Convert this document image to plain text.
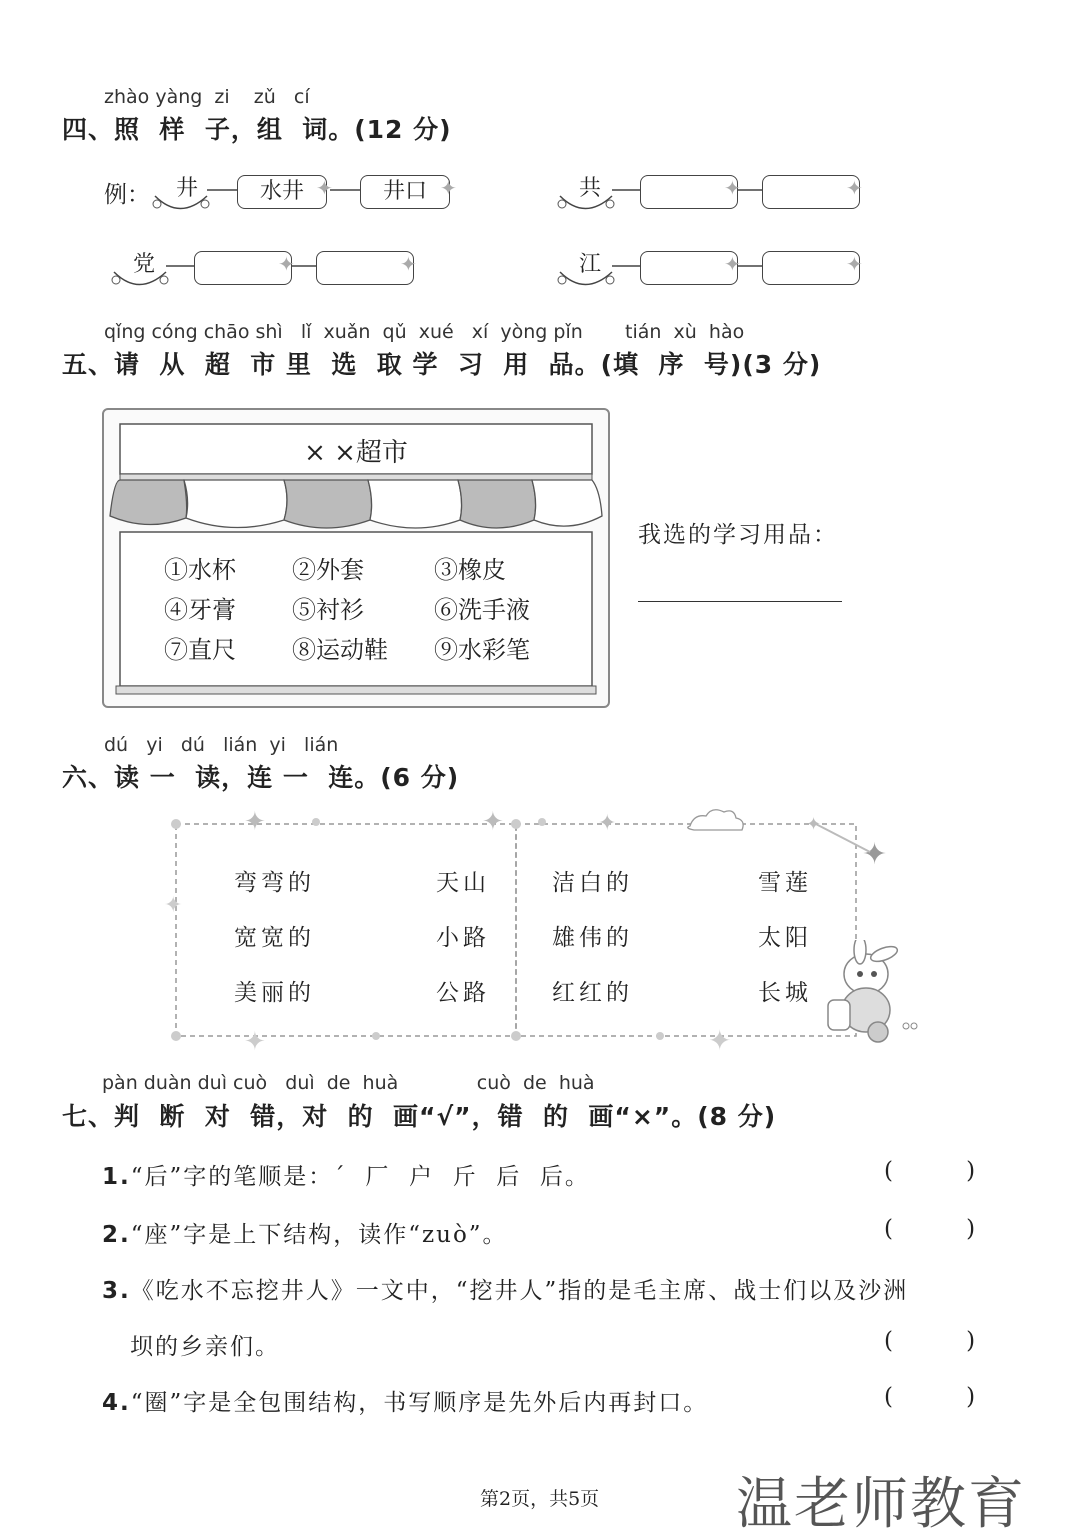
zhào yàng  zi    zǔ   cí
四、照  样  子，组  词。(12 分)
例：	井	水井 ✦	井口 ✦	共	✦	✦
党	✦	✦	江	✦	✦
qǐng cóng chāo shì   lǐ  xuǎn  qǔ  xué   xí  yòng pǐn       tián  xù  hào
五、请  从  超  市 里  选  取 学  习  用  品。(填  序  号)(3 分)
× ×超市
①水杯 ②外套	③橡皮
④牙膏 ⑤衬衫	⑥洗手液
⑦直尺 ⑧运动鞋 ⑨水彩笔
我选的学习用品：
dú   yi   dú   lián  yi   lián
六、读 一  读，连 一  连。(6 分)
✦	✦	✦
✦
✦	✦
✦
✦
弯弯的
宽宽的
美丽的
天山
小路
公路
洁白的
雄伟的
红红的
雪莲
太阳
长城
pàn duàn duì cuò   duì  de  huà             cuò  de  huà
七、判  断  对  错，对  的  画“√”，错  的  画“×”。(8 分)
1.“后”字的笔顺是：ˊ  厂  户  斤  后  后。	(          )
2.“座”字是上下结构，读作“zuò”。	(          )
3.《吃水不忘挖井人》一文中，“挖井人”指的是毛主席、战士们以及沙洲
坝的乡亲们。	(          )
4.“圈”字是全包围结构，书写顺序是先外后内再封口。	(          )
第2页，共5页 温老师教育
